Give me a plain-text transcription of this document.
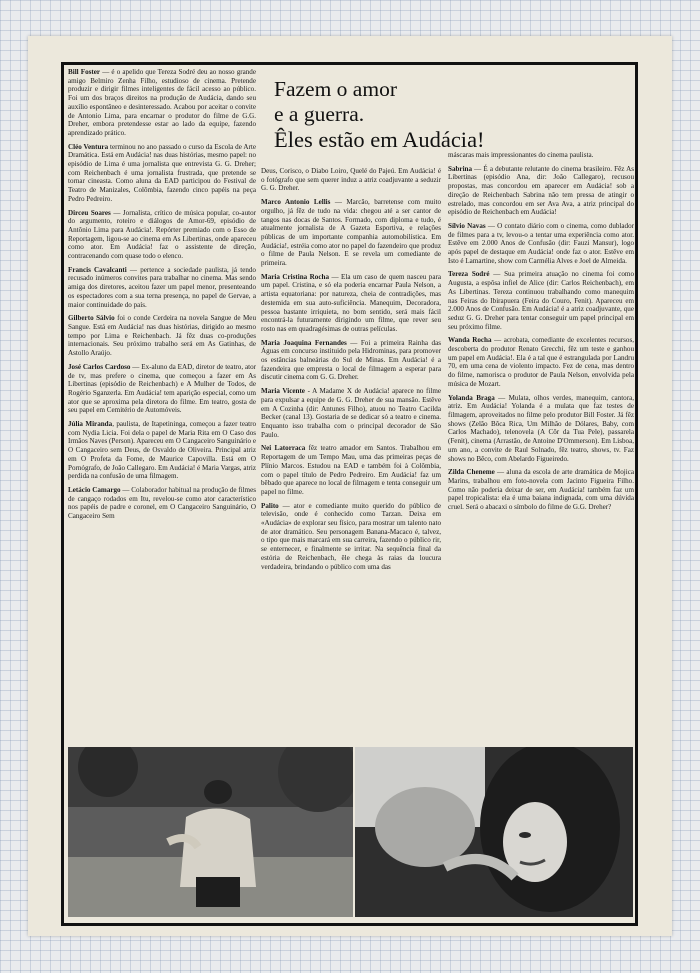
Bill Foster — é o apelido que Tereza Sodré deu ao nosso grande amigo Belmiro Zenha Filho, estudioso de cinema. Pretende produzir e dirigir filmes inteligentes de fácil acesso ao público. Foi um dos braços direitos na produção de Audácia, dando seu auxílio espontâneo e desinteressado. Acabou por aceitar o convite de Antonio Lima, para encarnar o produtor do filme de G.G. Dreher, embora pretendesse estar ao lado da equipe, fazendo aprendizado prático.

Cléo Ventura terminou no ano passado o curso da Escola de Arte Dramática. Está em Audácia! nas duas histórias, mesmo papel: no episódio de Lima é uma jornalista que entrevista G. G. Dreher; com Reichenbach é uma jornalista frustrada, que pretende se tornar cineasta. Como aluna da EAD participou do Festival de Teatro de Manizales, Colômbia, fazendo cinco papéis na peça Pedro Pedreiro.

Dirceu Soares — Jornalista, crítico de música popular, co-autor do argumento, roteiro e diálogos de Amor-69, episódio de Antônio Lima para Audácia!. Repórter premiado com o Esso de Reportagem, ligou-se ao cinema em As Libertinas, onde apareceu como ator. Em Audácia! faz o assistente de direção, contracenando com quase todo o elenco.

Francis Cavalcanti — pertence a sociedade paulista, já tendo recusado inúmeros convites para trabalhar no cinema. Mas sendo amiga dos diretores, aceitou fazer um papel menor, presenteando os espectadores com a sua terna presença, no papel de Gervae, a maior continuidade do país.

Gilberto Sálvio foi o conde Cerdeira na novela Sangue de Meu Sangue. Está em Audácia! nas duas histórias, dirigido ao mesmo tempo por Lima e Reichenbach. Já fêz duas co-produções internacionais. Seu próximo trabalho será em As Gatinhas, de Astollo Araújo.

José Carlos Cardoso — Ex-aluno da EAD, diretor de teatro, ator de tv, mas prefere o cinema, que começou a fazer em As Libertinas (episódio de Reichenbach) e A Mulher de Todos, de Rogério Sganzerla. Em Audácia! tem aparição especial, como um ator que se aproxima pela diretora do filme. Em teatro, gosta de seu papel em Cemitério de Automóveis.

Júlia Miranda, paulista, de Itapetininga, começou a fazer teatro com Nydia Licia. Foi dela o papel de Maria Rita em O Caso dos Irmãos Naves (Person). Apareceu em O Cangaceiro Sanguinário e O Cangaceiro sem Deus, de Osvaldo de Oliveira. Principal atriz em O Profeta da Fome, de Maurice Capovilla. Está em O Pornógrafo, de João Callegaro. Em Audácia! é Maria Vargas, atriz perdida na confusão de uma filmagem.

Letácio Camargo — Colaborador habitual na produção de filmes de cangaço rodados em Itu, revelou-se como ator característico nos papéis de padre e coronel, em O Cangaceiro Sanguinário, O Cangaceiro Sem

Fazem o amor
e a guerra.
Êles estão em Audácia!

Deus, Corisco, o Diabo Loiro, Quelé do Pajeú. Em Audácia! é o fotógrafo que sem querer induz a atriz coadjuvante a seduzir G. G. Dreher.

Marco Antonio Lellis — Marcão, barretense com muito orgulho, já fêz de tudo na vida: chegou até a ser cantor de tangos nas docas de Santos. Formado, com diploma e tudo, é atualmente jornalista de A Gazeta Esportiva, e relações públicas de um importante companhia automobilística. Em Audácia!, estréia como ator no papel do fazendeiro que produz o filme de Paula Nelson. E se revela um comediante de primeira.

Maria Cristina Rocha — Ela um caso de quem nasceu para um papel. Cristina, e só ela poderia encarnar Paula Nelson, a artista equatoriana: por natureza, cheia de contradições, mas destemida em sua auto-suficiência. Manequim, Decoradora, pessoa bastante irriquieta, no bom sentido, será mais fácil encontrá-la futuramente dirigindo um filme, que rever seu rosto nas em quadragésimas de outras películas.

Maria Joaquina Fernandes — Foi a primeira Rainha das Águas em concurso instituido pela Hidrominas, para promover os estâncias balneárias do Sul de Minas. Em Audácia! é a fazendeira que empresta o local de filmagem a esperar para discutir cinema com G. G. Dreher.

Maria Vicente - A Madame X de Audácia! aparece no filme para expulsar a equipe de G. G. Dreher de sua mansão. Estêve em A Cozinha (dir: Antunes Filho), atuou no Teatro Cacilda Becker (canal 13). Gostaria de se dedicar só a teatro e cinema. Enquanto isso trabalha com o principal decorador de São Paulo.

Nei Latorraca fêz teatro amador em Santos. Trabalhou em Reportagem de um Tempo Mau, uma das primeiras peças de Plínio Marcos. Estudou na EAD e também foi à Colômbia, com o papel título de Pedro Pedreiro. Em Audácia! faz um bêbado que aparece no local de filmagem e tenta conseguir um papel no filme.

Palito — ator e comediante muito querido do público de televisão, onde é conhecido como Tarzan. Deixa em «Audácia» de explorar seu físico, para mostrar um talento nato de ator dramático. Seu personagem Banana-Macaco é, talvez, o tipo que mais marcará em sua carreira, fazendo o público rir, se enternecer, e finalmente se irritar. Na sequência final da estória de Reichenbach, êle chega às raias da loucura verdadeira, brindando o público com uma das

máscaras mais impressionantes do cinema paulista.

Sabrina — É a debutante relutante do cinema brasileiro. Fêz As Libertinas (episódio Ana, dir: João Callegaro), recusou propostas, mas concordou em aparecer em Audácia! sob a direção de Reichenbach Sabrina não tem pressa de atingir o estrelado, mas concordou em ser Ava Ava, a atriz principal do episódio de Reichenbach em Audácia!

Sílvio Navas — O contato diário com o cinema, como dublador de filmes para a tv, levou-o a tentar uma experiência como ator. Estêve em 2.000 Anos de Confusão (dir: Fauzi Mansur), logo após papel de destaque em Audácia! onde faz o ator. Estêve em Isto é Lamartine, show com Carmélia Alves e Joel de Almeida.

Tereza Sodré — Sua primeira atuação no cinema foi como Augusta, a espôsa infiel de Alice (dir: Carlos Reichenbach), em As Libertinas. Tereza continuou trabalhando como manequim nas Feiras do Ibirapuera (Feira do Couro, Fenit). Apareceu em 2.000 Anos de Confusão. Em Audácia! é a atriz coadjuvante, que seduz G. G. Dreher para tentar conseguir um papel principal em seu próximo filme.

Wanda Rocha — acrobata, comediante de excelentes recursos, descoberta do produtor Renato Grecchi, fêz um teste e ganhou um papel em Audácia!. Ela é a tal que é estrangulada por Landru 70, em uma cena de violento impacto. Fez de cena, mas dentro do filme, namorisca o produtor de Paula Nelson, envolvida pela música de Mozart.

Yolanda Braga — Mulata, olhos verdes, manequim, cantora, atriz. Em Audácia! Yolanda é a mulata que faz testes de filmagem, aproveitados no filme pelo produtor Bill Foster. Já fêz shows (Zelão Bôca Rica, Um Milhão de Dólares, Baby, com Carlos Machado), telenovela (A Côr da Tua Pele), passarela (Fenit), cinema (Arrastão, de Antoine D'Ommerson). Em Lisboa, um ano, a convite de Raul Solnado, fêz teatro, shows, tv. Faz shows no Bêco, com Abelardo Figueiredo.

Zilda Cheneme — aluna da escola de arte dramática de Mojica Marins, trabalhou em foto-novela com Jacinto Figueira Filho. Como não poderia deixar de ser, em Audácia! também faz um papel tropicalista: ela é uma baiana indignada, com uma dúvida cruel. Será o abacaxi o símbolo do filme de G.G. Dreher?
